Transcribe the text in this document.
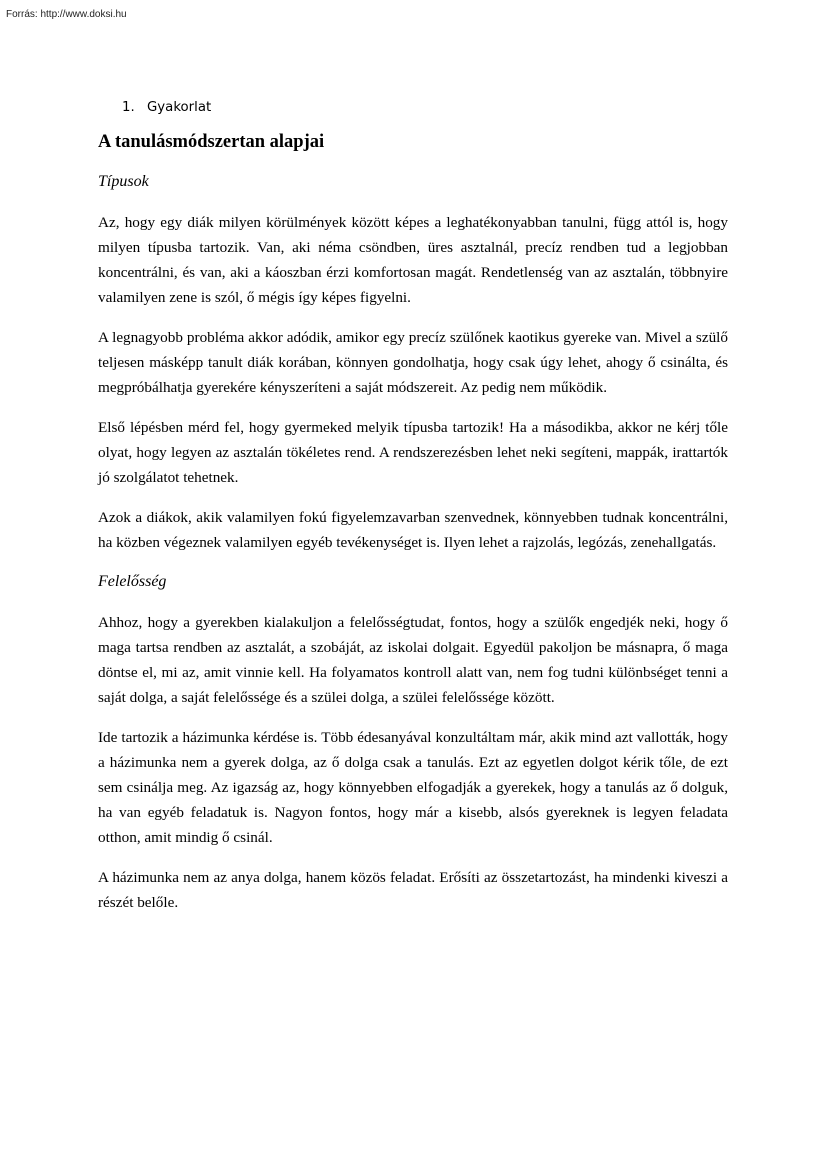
Forrás: http://www.doksi.hu
1. Gyakorlat
A tanulásmódszertan alapjai
Típusok

Az, hogy egy diák milyen körülmények között képes a leghatékonyabban tanulni, függ attól is, hogy milyen típusba tartozik. Van, aki néma csöndben, üres asztalnál, precíz rendben tud a legjobban koncentrálni, és van, aki a káoszban érzi komfortosan magát. Rendetlenség van az asztalán, többnyire valamilyen zene is szól, ő mégis így képes figyelni.

A legnagyobb probléma akkor adódik, amikor egy precíz szülőnek kaotikus gyereke van. Mivel a szülő teljesen másképp tanult diák korában, könnyen gondolhatja, hogy csak úgy lehet, ahogy ő csinálta, és megpróbálhatja gyerekére kényszeríteni a saját módszereit. Az pedig nem működik.

Első lépésben mérd fel, hogy gyermeked melyik típusba tartozik! Ha a másodikba, akkor ne kérj tőle olyat, hogy legyen az asztalán tökéletes rend. A rendszerezésben lehet neki segíteni, mappák, irattartók jó szolgálatot tehetnek.

Azok a diákok, akik valamilyen fokú figyelemzavarban szenvednek, könnyebben tudnak koncentrálni, ha közben végeznek valamilyen egyéb tevékenységet is. Ilyen lehet a rajzolás, legózás, zenehallgatás.

Felelősség

Ahhoz, hogy a gyerekben kialakuljon a felelősségtudat, fontos, hogy a szülők engedjék neki, hogy ő maga tartsa rendben az asztalát, a szobáját, az iskolai dolgait. Egyedül pakoljon be másnapra, ő maga döntse el, mi az, amit vinnie kell. Ha folyamatos kontroll alatt van, nem fog tudni különbséget tenni a saját dolga, a saját felelőssége és a szülei dolga, a szülei felelőssége között.

Ide tartozik a házimunka kérdése is. Több édesanyával konzultáltam már, akik mind azt vallották, hogy a házimunka nem a gyerek dolga, az ő dolga csak a tanulás. Ezt az egyetlen dolgot kérik tőle, de ezt sem csinálja meg. Az igazság az, hogy könnyebben elfogadják a gyerekek, hogy a tanulás az ő dolguk, ha van egyéb feladatuk is. Nagyon fontos, hogy már a kisebb, alsós gyereknek is legyen feladata otthon, amit mindig ő csinál.

A házimunka nem az anya dolga, hanem közös feladat. Erősíti az összetartozást, ha mindenki kiveszi a részét belőle.
